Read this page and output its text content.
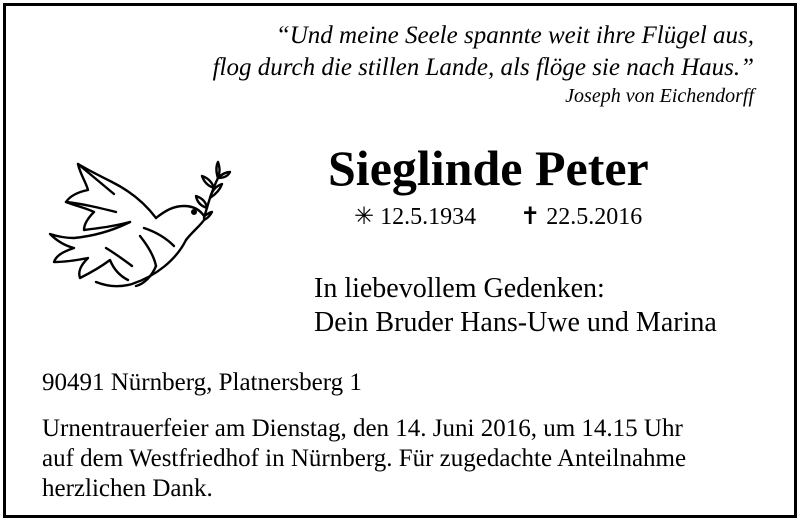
“Und meine Seele spannte weit ihre Flügel aus,
flog durch die stillen Lande, als flöge sie nach Haus.”
Joseph von Eichendorff
Sieglinde Peter
✳ 12.5.1934 ✝ 22.5.2016
In liebevollem Gedenken:
Dein Bruder Hans-Uwe und Marina
90491 Nürnberg, Platnersberg 1
Urnentrauerfeier am Dienstag, den 14. Juni 2016, um 14.15 Uhr
auf dem Westfriedhof in Nürnberg. Für zugedachte Anteilnahme
herzlichen Dank.
